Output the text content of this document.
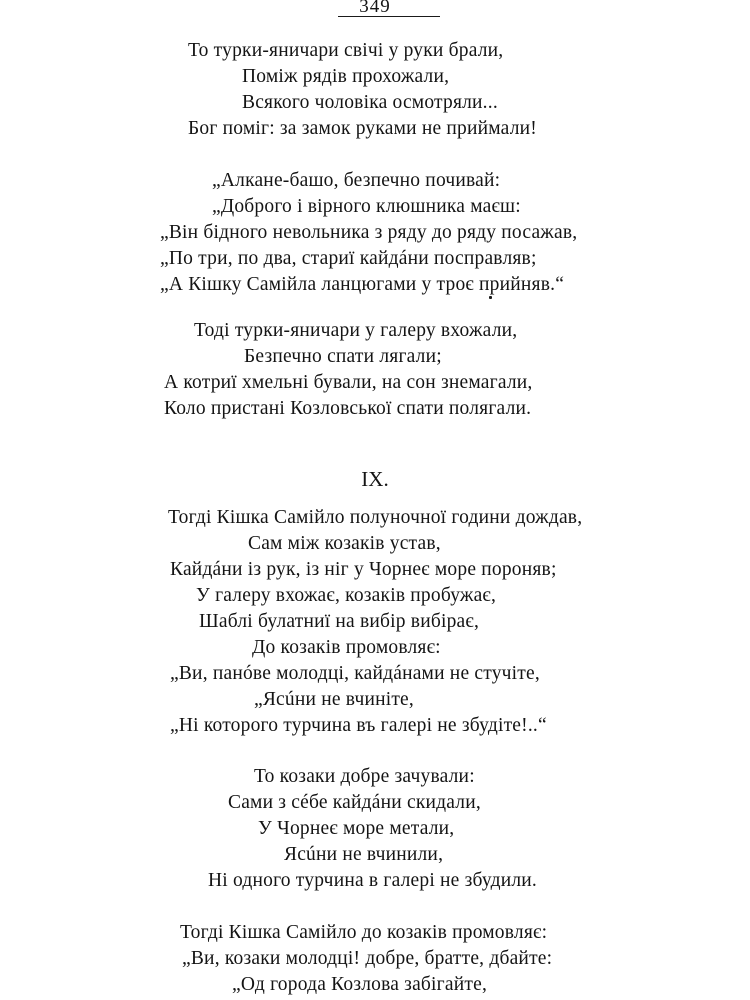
349
То турки-яничари свічі у руки брали,
Поміж рядів прохожали,
Всякого чоловіка осмотряли...
Бог поміг: за замок руками не приймали!
„Алкане-башо, безпечно почивай:
„Доброго і вірного клюшника маєш:
„Він бідного невольника з ряду до ряду посажав,
„По три, по два, стариї кайдáни посправляв;
„А Кішку Самійла ланцюгами у троє прийняв.“
Тоді турки-яничари у галеру вхожали,
Безпечно спати лягали;
А котриї хмельні бували, на сон знемагали,
Коло пристані Козловської спати полягали.
IX.
Тогді Кішка Самійло полуночної години дождав,
Сам між козаків устав,
Кайдáни із рук, із ніг у Чорнеє море пороняв;
У галеру вхожає, козаків пробужає,
Шаблі булатниї на вибір вибірає,
До козаків промовляє:
„Ви, панóве молодці, кайдáнами не стучіте,
„Ясúни не вчиніте,
„Ні которого турчина въ галері не збудіте!..“
То козаки добре зачували:
Сами з сéбе кайдáни скидали,
У Чорнеє море метали,
Ясúни не вчинили,
Ні одного турчина в галері не збудили.
Тогді Кішка Самійло до козаків промовляє:
„Ви, козаки молодці! добре, братте, дбайте:
„Од города Козлова забігайте,
